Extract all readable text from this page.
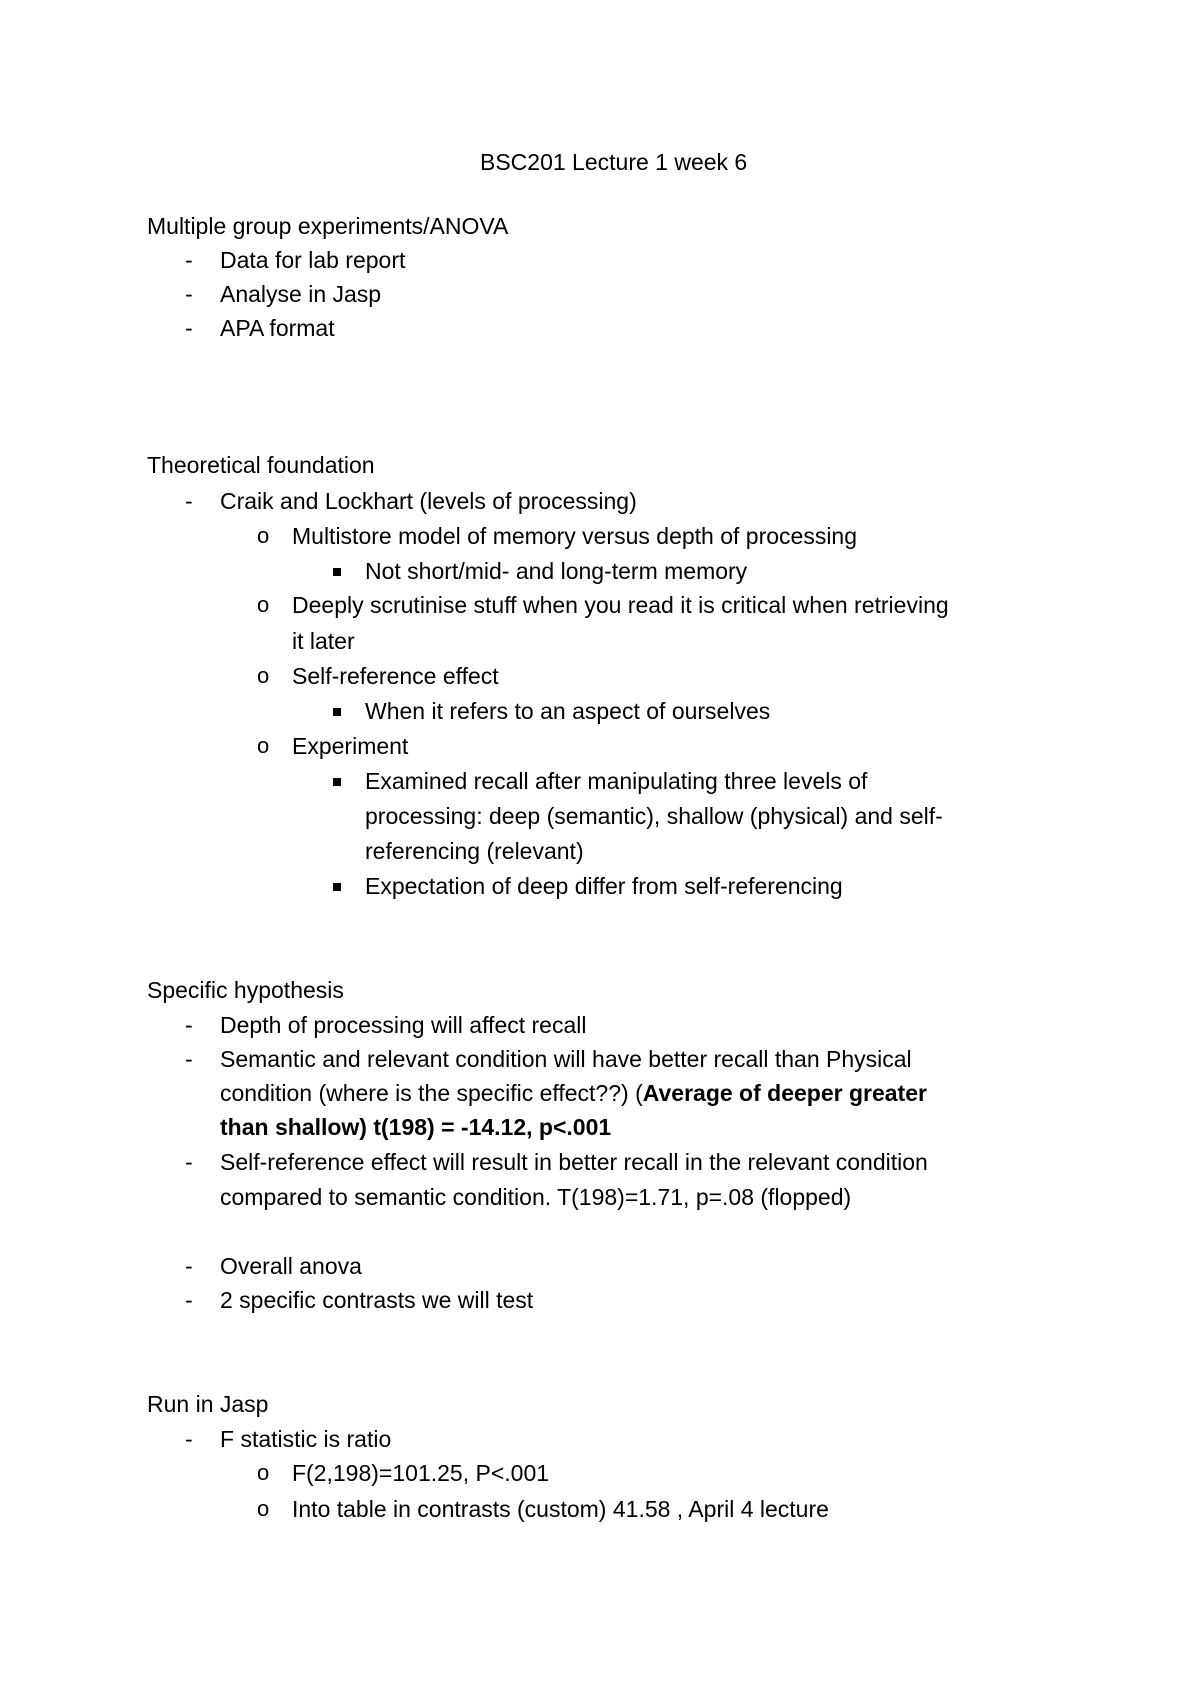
BSC201 Lecture 1 week 6
Multiple group experiments/ANOVA
- Data for lab report
- Analyse in Jasp
- APA format
Theoretical foundation
- Craik and Lockhart (levels of processing)
o Multistore model of memory versus depth of processing
Not short/mid- and long-term memory
o Deeply scrutinise stuff when you read it is critical when retrieving
it later
o Self-reference effect
When it refers to an aspect of ourselves
o Experiment
Examined recall after manipulating three levels of
processing: deep (semantic), shallow (physical) and self-
referencing (relevant)
Expectation of deep differ from self-referencing
Specific hypothesis
- Depth of processing will affect recall
- Semantic and relevant condition will have better recall than Physical
condition (where is the specific effect??) (Average of deeper greater
than shallow) t(198) = -14.12, p<.001
- Self-reference effect will result in better recall in the relevant condition
compared to semantic condition. T(198)=1.71, p=.08 (flopped)
- Overall anova
- 2 specific contrasts we will test
Run in Jasp
- F statistic is ratio
o F(2,198)=101.25, P<.001
o Into table in contrasts (custom) 41.58 , April 4 lecture
